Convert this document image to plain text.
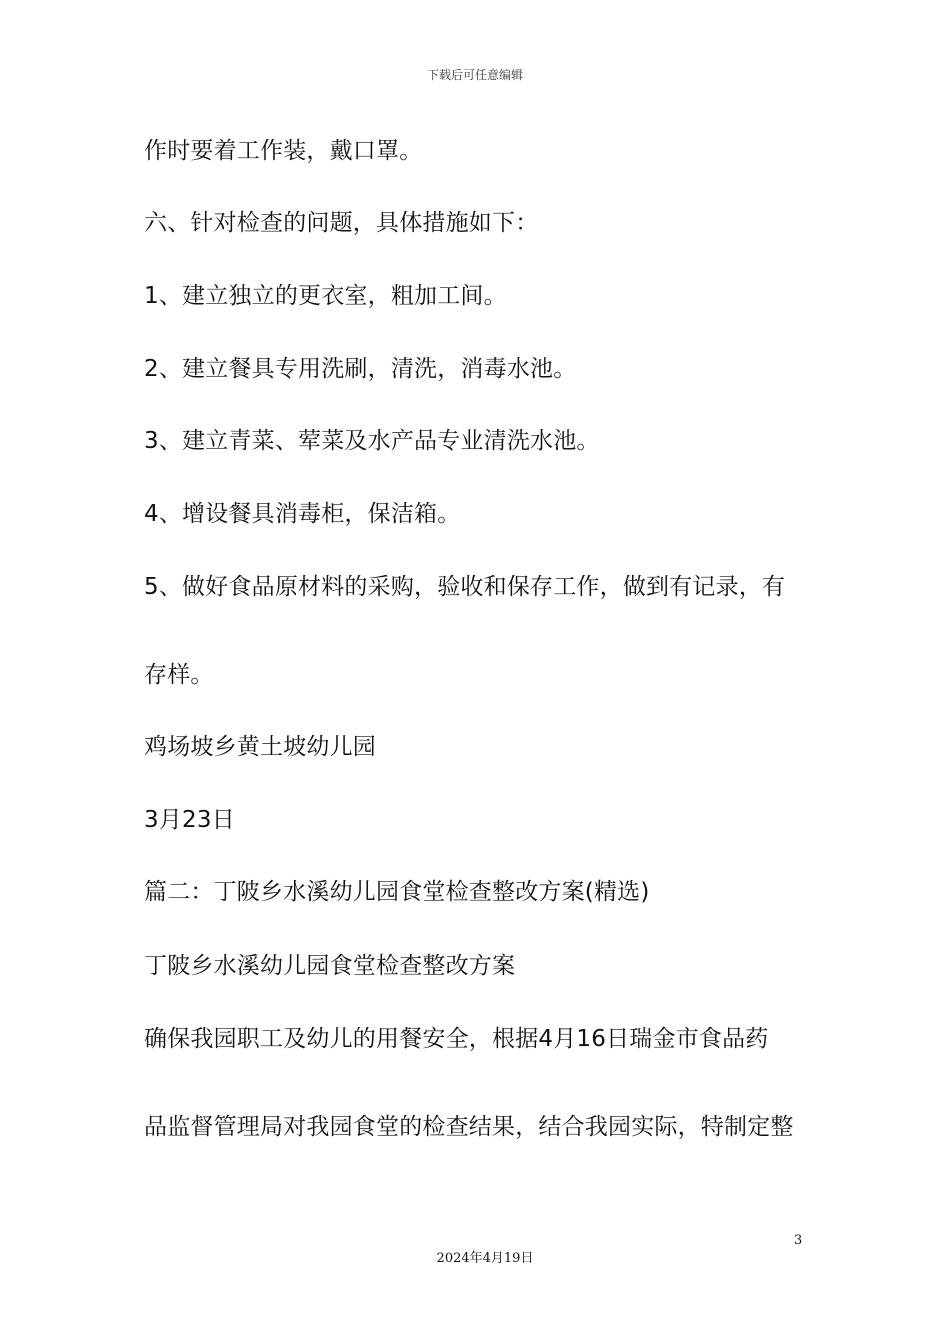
下载后可任意编辑
作时要着工作装，戴口罩。
六、针对检查的问题，具体措施如下：
1、建立独立的更衣室，粗加工间。
2、建立餐具专用洗刷，清洗，消毒水池。
3、建立青菜、荤菜及水产品专业清洗水池。
4、增设餐具消毒柜，保洁箱。
5、做好食品原材料的采购，验收和保存工作，做到有记录，有
存样。
鸡场坡乡黄土坡幼儿园
3月23日
篇二：丁陂乡水溪幼儿园食堂检查整改方案(精选)
丁陂乡水溪幼儿园食堂检查整改方案
确保我园职工及幼儿的用餐安全，根据4月16日瑞金市食品药
品监督管理局对我园食堂的检查结果，结合我园实际，特制定整
3
2024年4月19日
